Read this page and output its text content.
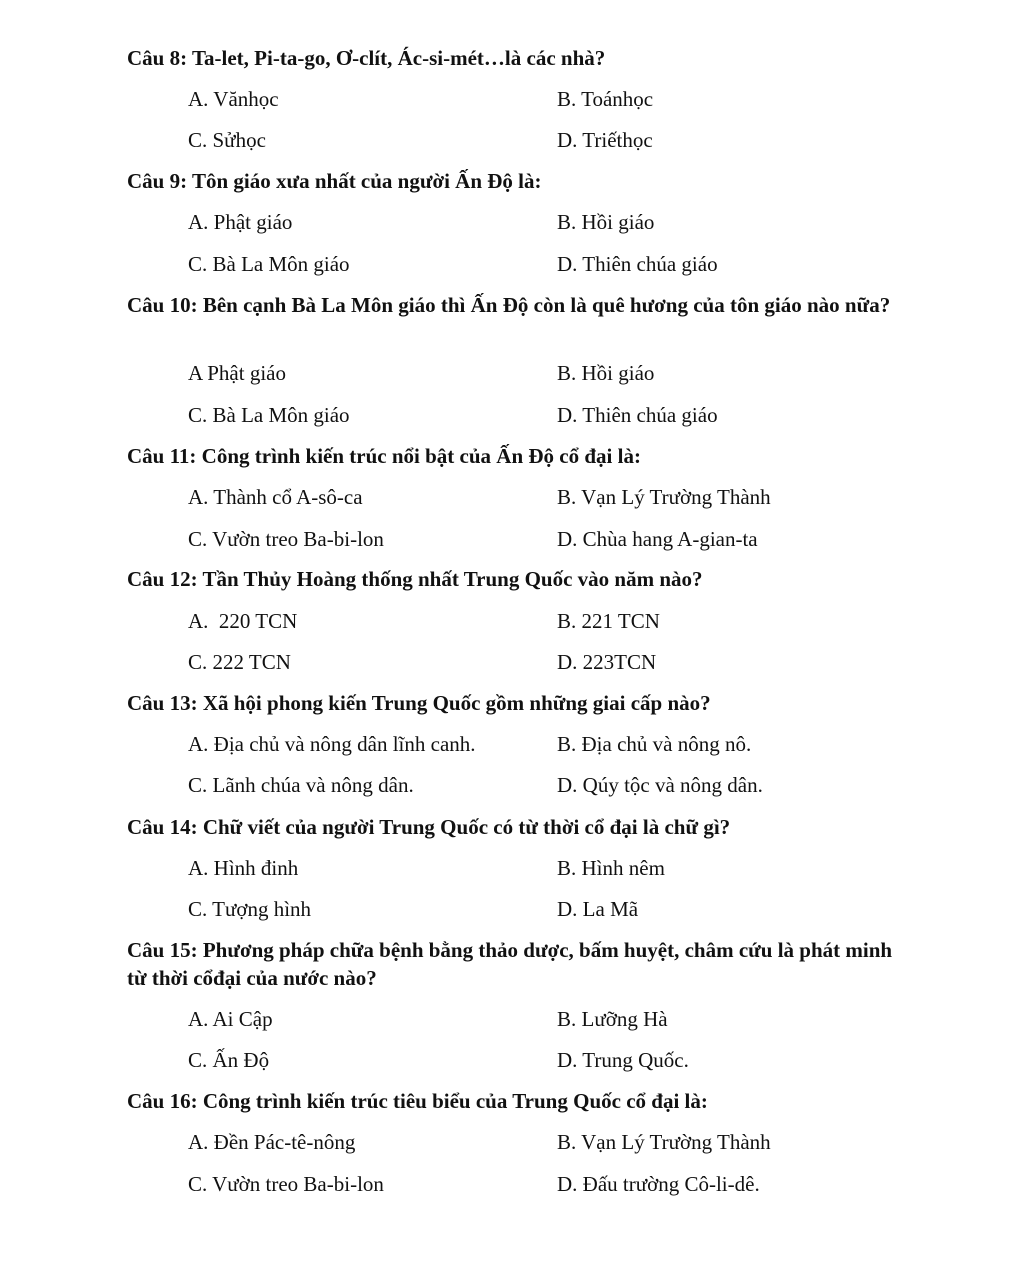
Câu 8: Ta-let, Pi-ta-go, Ơ-clít, Ác-si-mét…là các nhà?
A. Vănhọc	B. Toánhọc
C. Sửhọc	D. Triếthọc
Câu 9: Tôn giáo xưa nhất của người Ấn Độ là:
A. Phật giáo	B. Hồi giáo
C. Bà La Môn giáo	D. Thiên chúa giáo
Câu 10: Bên cạnh Bà La Môn giáo thì Ấn Độ còn là quê hương của tôn giáo nào nữa?
A Phật giáo	B. Hồi giáo
C. Bà La Môn giáo	D. Thiên chúa giáo
Câu 11: Công trình kiến trúc nổi bật của Ấn Độ cổ đại là:
A. Thành cổ A-sô-ca	B. Vạn Lý Trường Thành
C. Vườn treo Ba-bi-lon	D. Chùa hang A-gian-ta
Câu 12: Tần Thủy Hoàng thống nhất Trung Quốc vào năm nào?
A.  220 TCN	B. 221 TCN
C. 222 TCN	D. 223TCN
Câu 13: Xã hội phong kiến Trung Quốc gồm những giai cấp nào?
A. Địa chủ và nông dân lĩnh canh.	B. Địa chủ và nông nô.
C. Lãnh chúa và nông dân.	D. Qúy tộc và nông dân.
Câu 14: Chữ viết của người Trung Quốc có từ thời cổ đại là chữ gì?
A. Hình đinh	B. Hình nêm
C. Tượng hình	D. La Mã
Câu 15: Phương pháp chữa bệnh bằng thảo dược, bấm huyệt, châm cứu là phát minh từ thời cổđại của nước nào?
A. Ai Cập	B. Lưỡng Hà
C. Ấn Độ	D. Trung Quốc.
Câu 16: Công trình kiến trúc tiêu biểu của Trung Quốc cổ đại là:
A. Đền Pác-tê-nông	B. Vạn Lý Trường Thành
C. Vườn treo Ba-bi-lon	D. Đấu trường Cô-li-dê.
